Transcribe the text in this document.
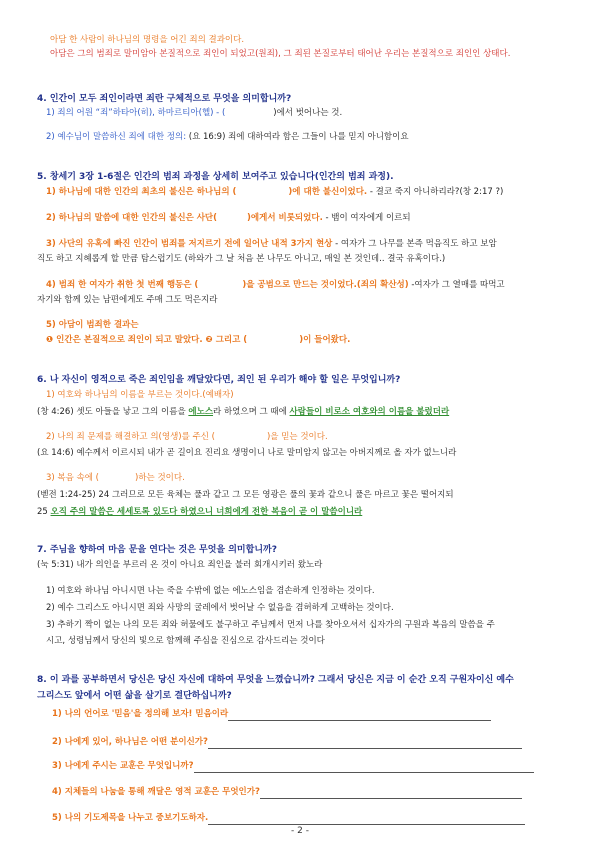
아담 한 사람이 하나님의 명령을 어긴 죄의 결과이다.
아담은 그의 범죄로 말미암아 본질적으로 죄인이 되었고(원죄), 그 죄된 본질로부터 태어난 우리는 본질적으로 죄인인 상태다.
4. 인간이 모두 죄인이라면 죄란 구체적으로 무엇을 의미합니까?
1) 죄의 어원 “죄”하타아(히), 하마르티아(헬) - (	)에서 벗어나는 것.
2) 예수님이 말씀하신 죄에 대한 정의: (요 16:9) 죄에 대하여라 함은 그들이 나를 믿지 아니함이요
5. 창세기 3장 1-6절은 인간의 범죄 과정을 상세히 보여주고 있습니다(인간의 범죄 과정).
1) 하나님에 대한 인간의 최초의 불신은 하나님의 (	)에 대한 불신이었다. - 결코 죽지 아니하리라?(창 2:17 ?)
2) 하나님의 말씀에 대한 인간의 불신은 사단(	)에게서 비롯되었다. - 뱀이 여자에게 이르되
3) 사단의 유혹에 빠진 인간이 범죄를 저지르기 전에 일어난 내적 3가지 현상 - 여자가 그 나무를 본즉 먹음직도 하고 보암
직도 하고 지혜롭게 할 만큼 탐스럽기도 (하와가 그 날 처음 본 나무도 아니고, 매일 본 것인데.. 결국 유혹이다.)
4) 범죄 한 여자가 취한 첫 번째 행동은 (	)을 공범으로 만드는 것이었다.(죄의 확산성) -여자가 그 열매를 따먹고
자기와 함께 있는 남편에게도 주매 그도 먹은지라
5) 아담이 범죄한 결과는
❶ 인간은 본질적으로 죄인이 되고 말았다. ❷ 그리고 (	)이 들어왔다.
6. 나 자신이 영적으로 죽은 죄인임을 깨달았다면, 죄인 된 우리가 해야 할 일은 무엇입니까?
1) 여호와 하나님의 이름을 부르는 것이다.(예배자)
(창 4:26) 셋도 아들을 낳고 그의 이름을 에노스라 하였으며 그 때에 사람들이 비로소 여호와의 이름을 불렀더라
2) 나의 죄 문제를 해결하고 의(영생)를 주신 (	)을 믿는 것이다.
(요 14:6) 예수께서 이르시되 내가 곧 길이요 진리요 생명이니 나로 말미암지 않고는 아버지께로 올 자가 없느니라
3) 복음 속에 (	)하는 것이다.
(벧전 1:24-25) 24 그러므로 모든 육체는 풀과 같고 그 모든 영광은 풀의 꽃과 같으니 풀은 마르고 꽃은 떨어지되
25 오직 주의 말씀은 세세토록 있도다 하였으니 너희에게 전한 복음이 곧 이 말씀이니라
7. 주님을 향하여 마음 문을 연다는 것은 무엇을 의미합니까?
(눅 5:31) 내가 의인을 부르러 온 것이 아니요 죄인을 불러 회개시키러 왔노라
1) 여호와 하나님 아니시면 나는 죽을 수밖에 없는 에노스임을 겸손하게 인정하는 것이다.
2) 예수 그리스도 아니시면 죄와 사망의 굴레에서 벗어날 수 없음을 겸허하게 고백하는 것이다.
3) 추하기 짝이 없는 나의 모든 죄와 허물에도 불구하고 주님께서 먼저 나를 찾아오셔서 십자가의 구원과 복음의 말씀을 주
시고, 성령님께서 당신의 빛으로 함께해 주심을 진심으로 감사드리는 것이다
8. 이 과를 공부하면서 당신은 당신 자신에 대하여 무엇을 느꼈습니까? 그래서 당신은 지금 이 순간 오직 구원자이신 예수
그리스도 앞에서 어떤 삶을 살기로 결단하십니까?
1) 나의 언어로 '믿음'을 정의해 보자! 믿음이라
2) 나에게 있어, 하나님은 어떤 분이신가?
3) 나에게 주시는 교훈은 무엇입니까?
4) 지체들의 나눔을 통해 깨달은 영적 교훈은 무엇인가?
5) 나의 기도제목을 나누고 중보기도하자.
- 2 -
